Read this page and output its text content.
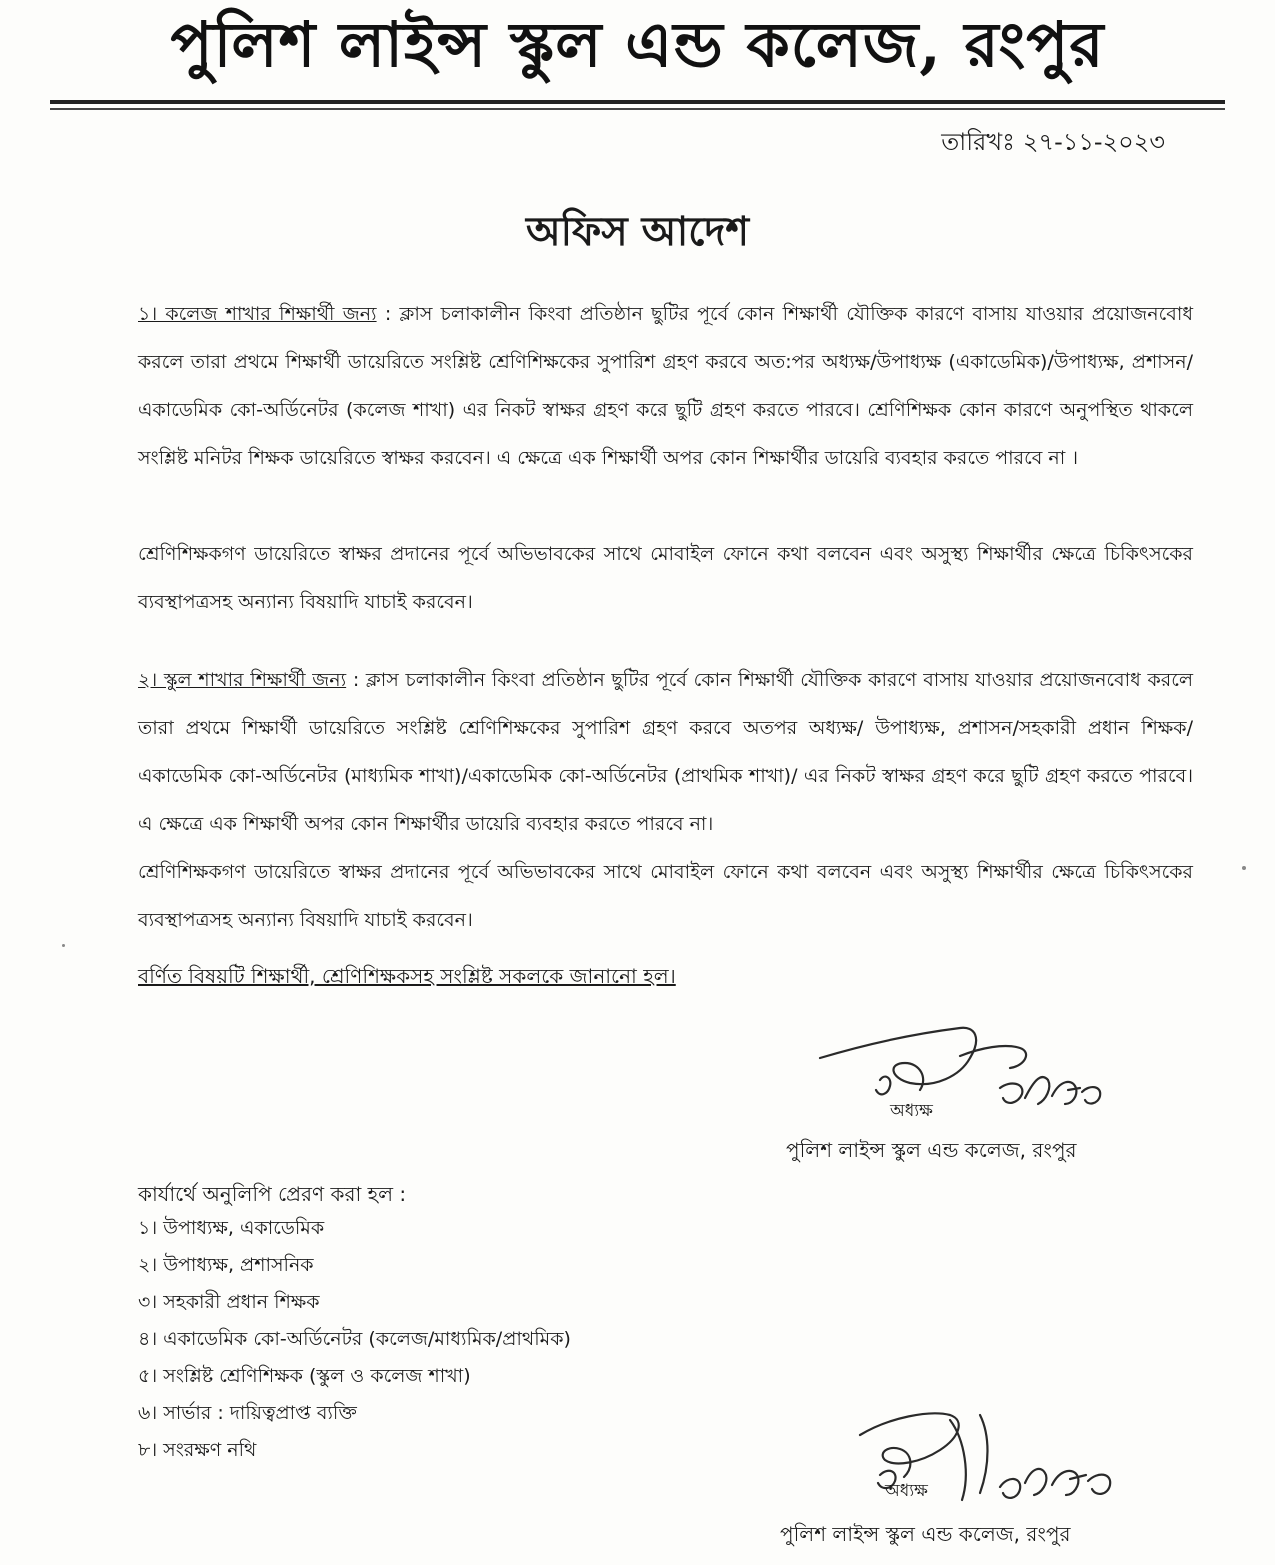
পুলিশ লাইন্স স্কুল এন্ড কলেজ, রংপুর
তারিখঃ ২৭-১১-২০২৩
অফিস আদেশ

১। কলেজ শাখার শিক্ষার্থী জন্য : ক্লাস চলাকালীন কিংবা প্রতিষ্ঠান ছুটির পূর্বে কোন শিক্ষার্থী যৌক্তিক কারণে বাসায় যাওয়ার প্রয়োজনবোধ করলে তারা প্রথমে শিক্ষার্থী ডায়েরিতে সংশ্লিষ্ট শ্রেণিশিক্ষকের সুপারিশ গ্রহণ করবে অত:পর অধ্যক্ষ/উপাধ্যক্ষ (একাডেমিক)/উপাধ্যক্ষ, প্রশাসন/একাডেমিক কো-অর্ডিনেটর (কলেজ শাখা) এর নিকট স্বাক্ষর গ্রহণ করে ছুটি গ্রহণ করতে পারবে। শ্রেণিশিক্ষক কোন কারণে অনুপস্থিত থাকলে সংশ্লিষ্ট মনিটর শিক্ষক ডায়েরিতে স্বাক্ষর করবেন। এ ক্ষেত্রে এক শিক্ষার্থী অপর কোন শিক্ষার্থীর ডায়েরি ব্যবহার করতে পারবে না ।

শ্রেণিশিক্ষকগণ ডায়েরিতে স্বাক্ষর প্রদানের পূর্বে অভিভাবকের সাথে মোবাইল ফোনে কথা বলবেন এবং অসুস্থ্য শিক্ষার্থীর ক্ষেত্রে চিকিৎসকের ব্যবস্থাপত্রসহ অন্যান্য বিষয়াদি যাচাই করবেন।

২। স্কুল শাখার শিক্ষার্থী জন্য : ক্লাস চলাকালীন কিংবা প্রতিষ্ঠান ছুটির পূর্বে কোন শিক্ষার্থী যৌক্তিক কারণে বাসায় যাওয়ার প্রয়োজনবোধ করলে তারা প্রথমে শিক্ষার্থী ডায়েরিতে সংশ্লিষ্ট শ্রেণিশিক্ষকের সুপারিশ গ্রহণ করবে অতপর অধ্যক্ষ/ উপাধ্যক্ষ, প্রশাসন/সহকারী প্রধান শিক্ষক/একাডেমিক কো-অর্ডিনেটর (মাধ্যমিক শাখা)/একাডেমিক কো-অর্ডিনেটর (প্রাথমিক শাখা)/ এর নিকট স্বাক্ষর গ্রহণ করে ছুটি গ্রহণ করতে পারবে। এ ক্ষেত্রে এক শিক্ষার্থী অপর কোন শিক্ষার্থীর ডায়েরি ব্যবহার করতে পারবে না।

শ্রেণিশিক্ষকগণ ডায়েরিতে স্বাক্ষর প্রদানের পূর্বে অভিভাবকের সাথে মোবাইল ফোনে কথা বলবেন এবং অসুস্থ্য শিক্ষার্থীর ক্ষেত্রে চিকিৎসকের ব্যবস্থাপত্রসহ অন্যান্য বিষয়াদি যাচাই করবেন।

বর্ণিত বিষয়টি শিক্ষার্থী, শ্রেণিশিক্ষকসহ সংশ্লিষ্ট সকলকে জানানো হল।
অধ্যক্ষ
পুলিশ লাইন্স স্কুল এন্ড কলেজ, রংপুর
কার্যার্থে অনুলিপি প্রেরণ করা হল :
১। উপাধ্যক্ষ, একাডেমিক
২। উপাধ্যক্ষ, প্রশাসনিক
৩। সহকারী প্রধান শিক্ষক
৪। একাডেমিক কো-অর্ডিনেটর (কলেজ/মাধ্যমিক/প্রাথমিক)
৫। সংশ্লিষ্ট শ্রেণিশিক্ষক (স্কুল ও কলেজ শাখা)
৬। সার্ভার : দায়িত্বপ্রাপ্ত ব্যক্তি
৮। সংরক্ষণ নথি
অধ্যক্ষ
পুলিশ লাইন্স স্কুল এন্ড কলেজ, রংপুর
